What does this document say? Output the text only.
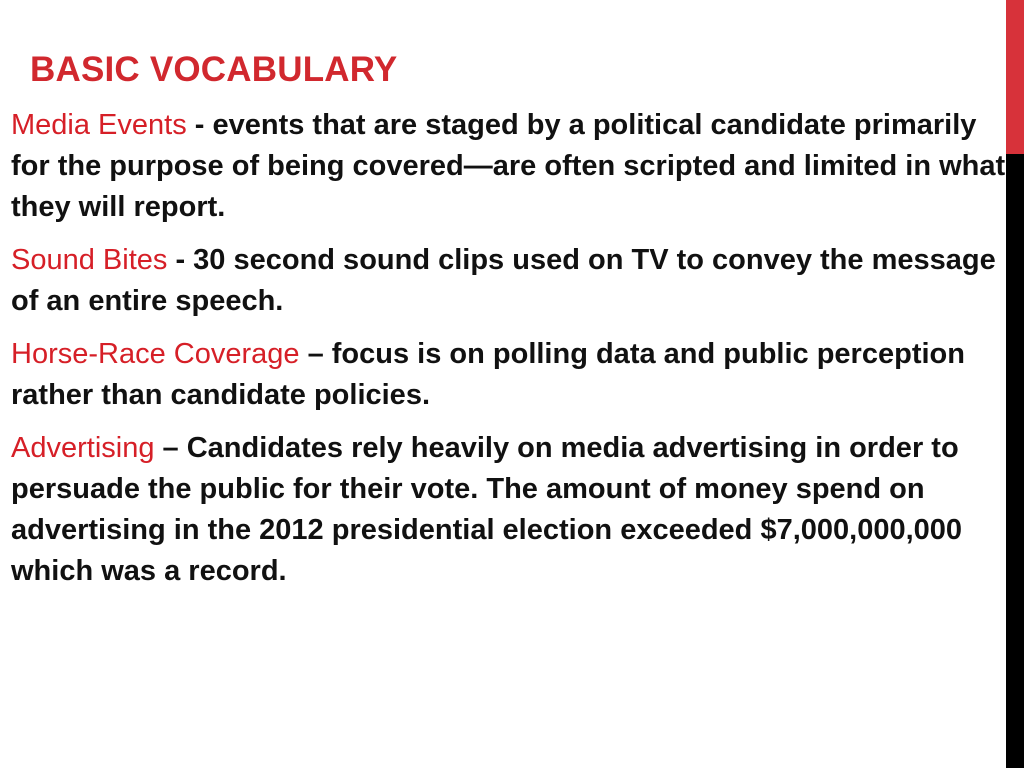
BASIC VOCABULARY

Media Events - events that are staged by a political candidate primarily for the purpose of being covered—are often scripted and limited in what they will report.

Sound Bites - 30 second sound clips used on TV to convey the message of an entire speech.

Horse-Race Coverage – focus is on polling data and public perception rather than candidate policies.

Advertising – Candidates rely heavily on media advertising in order to persuade the public for their vote. The amount of money spend on advertising in the 2012 presidential election exceeded $7,000,000,000 which was a record.
